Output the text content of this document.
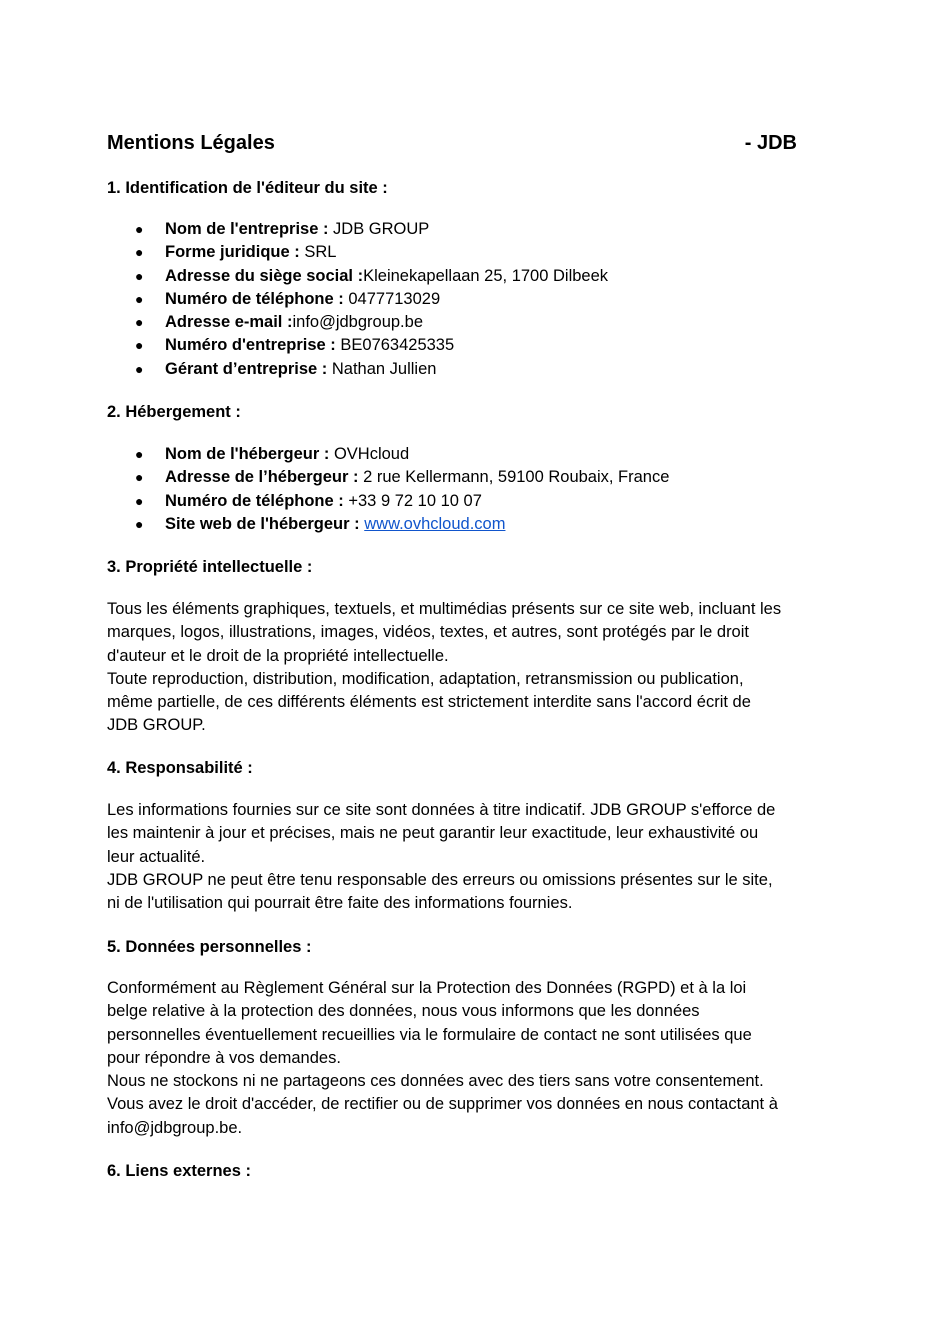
Mentions Légales	- JDB
1. Identification de l'éditeur du site :
● Nom de l'entreprise : JDB GROUP
● Forme juridique : SRL
● Adresse du siège social :Kleinekapellaan 25, 1700 Dilbeek
● Numéro de téléphone : 0477713029
● Adresse e-mail :info@jdbgroup.be
● Numéro d'entreprise : BE0763425335
● Gérant d’entreprise : Nathan Jullien
2. Hébergement :
● Nom de l'hébergeur : OVHcloud
● Adresse de l’hébergeur : 2 rue Kellermann, 59100 Roubaix, France
● Numéro de téléphone : +33 9 72 10 10 07
● Site web de l'hébergeur : www.ovhcloud.com
3. Propriété intellectuelle :
Tous les éléments graphiques, textuels, et multimédias présents sur ce site web, incluant les
marques, logos, illustrations, images, vidéos, textes, et autres, sont protégés par le droit
d'auteur et le droit de la propriété intellectuelle.
Toute reproduction, distribution, modification, adaptation, retransmission ou publication,
même partielle, de ces différents éléments est strictement interdite sans l'accord écrit de
JDB GROUP.
4. Responsabilité :
Les informations fournies sur ce site sont données à titre indicatif. JDB GROUP s'efforce de
les maintenir à jour et précises, mais ne peut garantir leur exactitude, leur exhaustivité ou
leur actualité.
JDB GROUP ne peut être tenu responsable des erreurs ou omissions présentes sur le site,
ni de l'utilisation qui pourrait être faite des informations fournies.
5. Données personnelles :
Conformément au Règlement Général sur la Protection des Données (RGPD) et à la loi
belge relative à la protection des données, nous vous informons que les données
personnelles éventuellement recueillies via le formulaire de contact ne sont utilisées que
pour répondre à vos demandes.
Nous ne stockons ni ne partageons ces données avec des tiers sans votre consentement.
Vous avez le droit d'accéder, de rectifier ou de supprimer vos données en nous contactant à
info@jdbgroup.be.
6. Liens externes :
